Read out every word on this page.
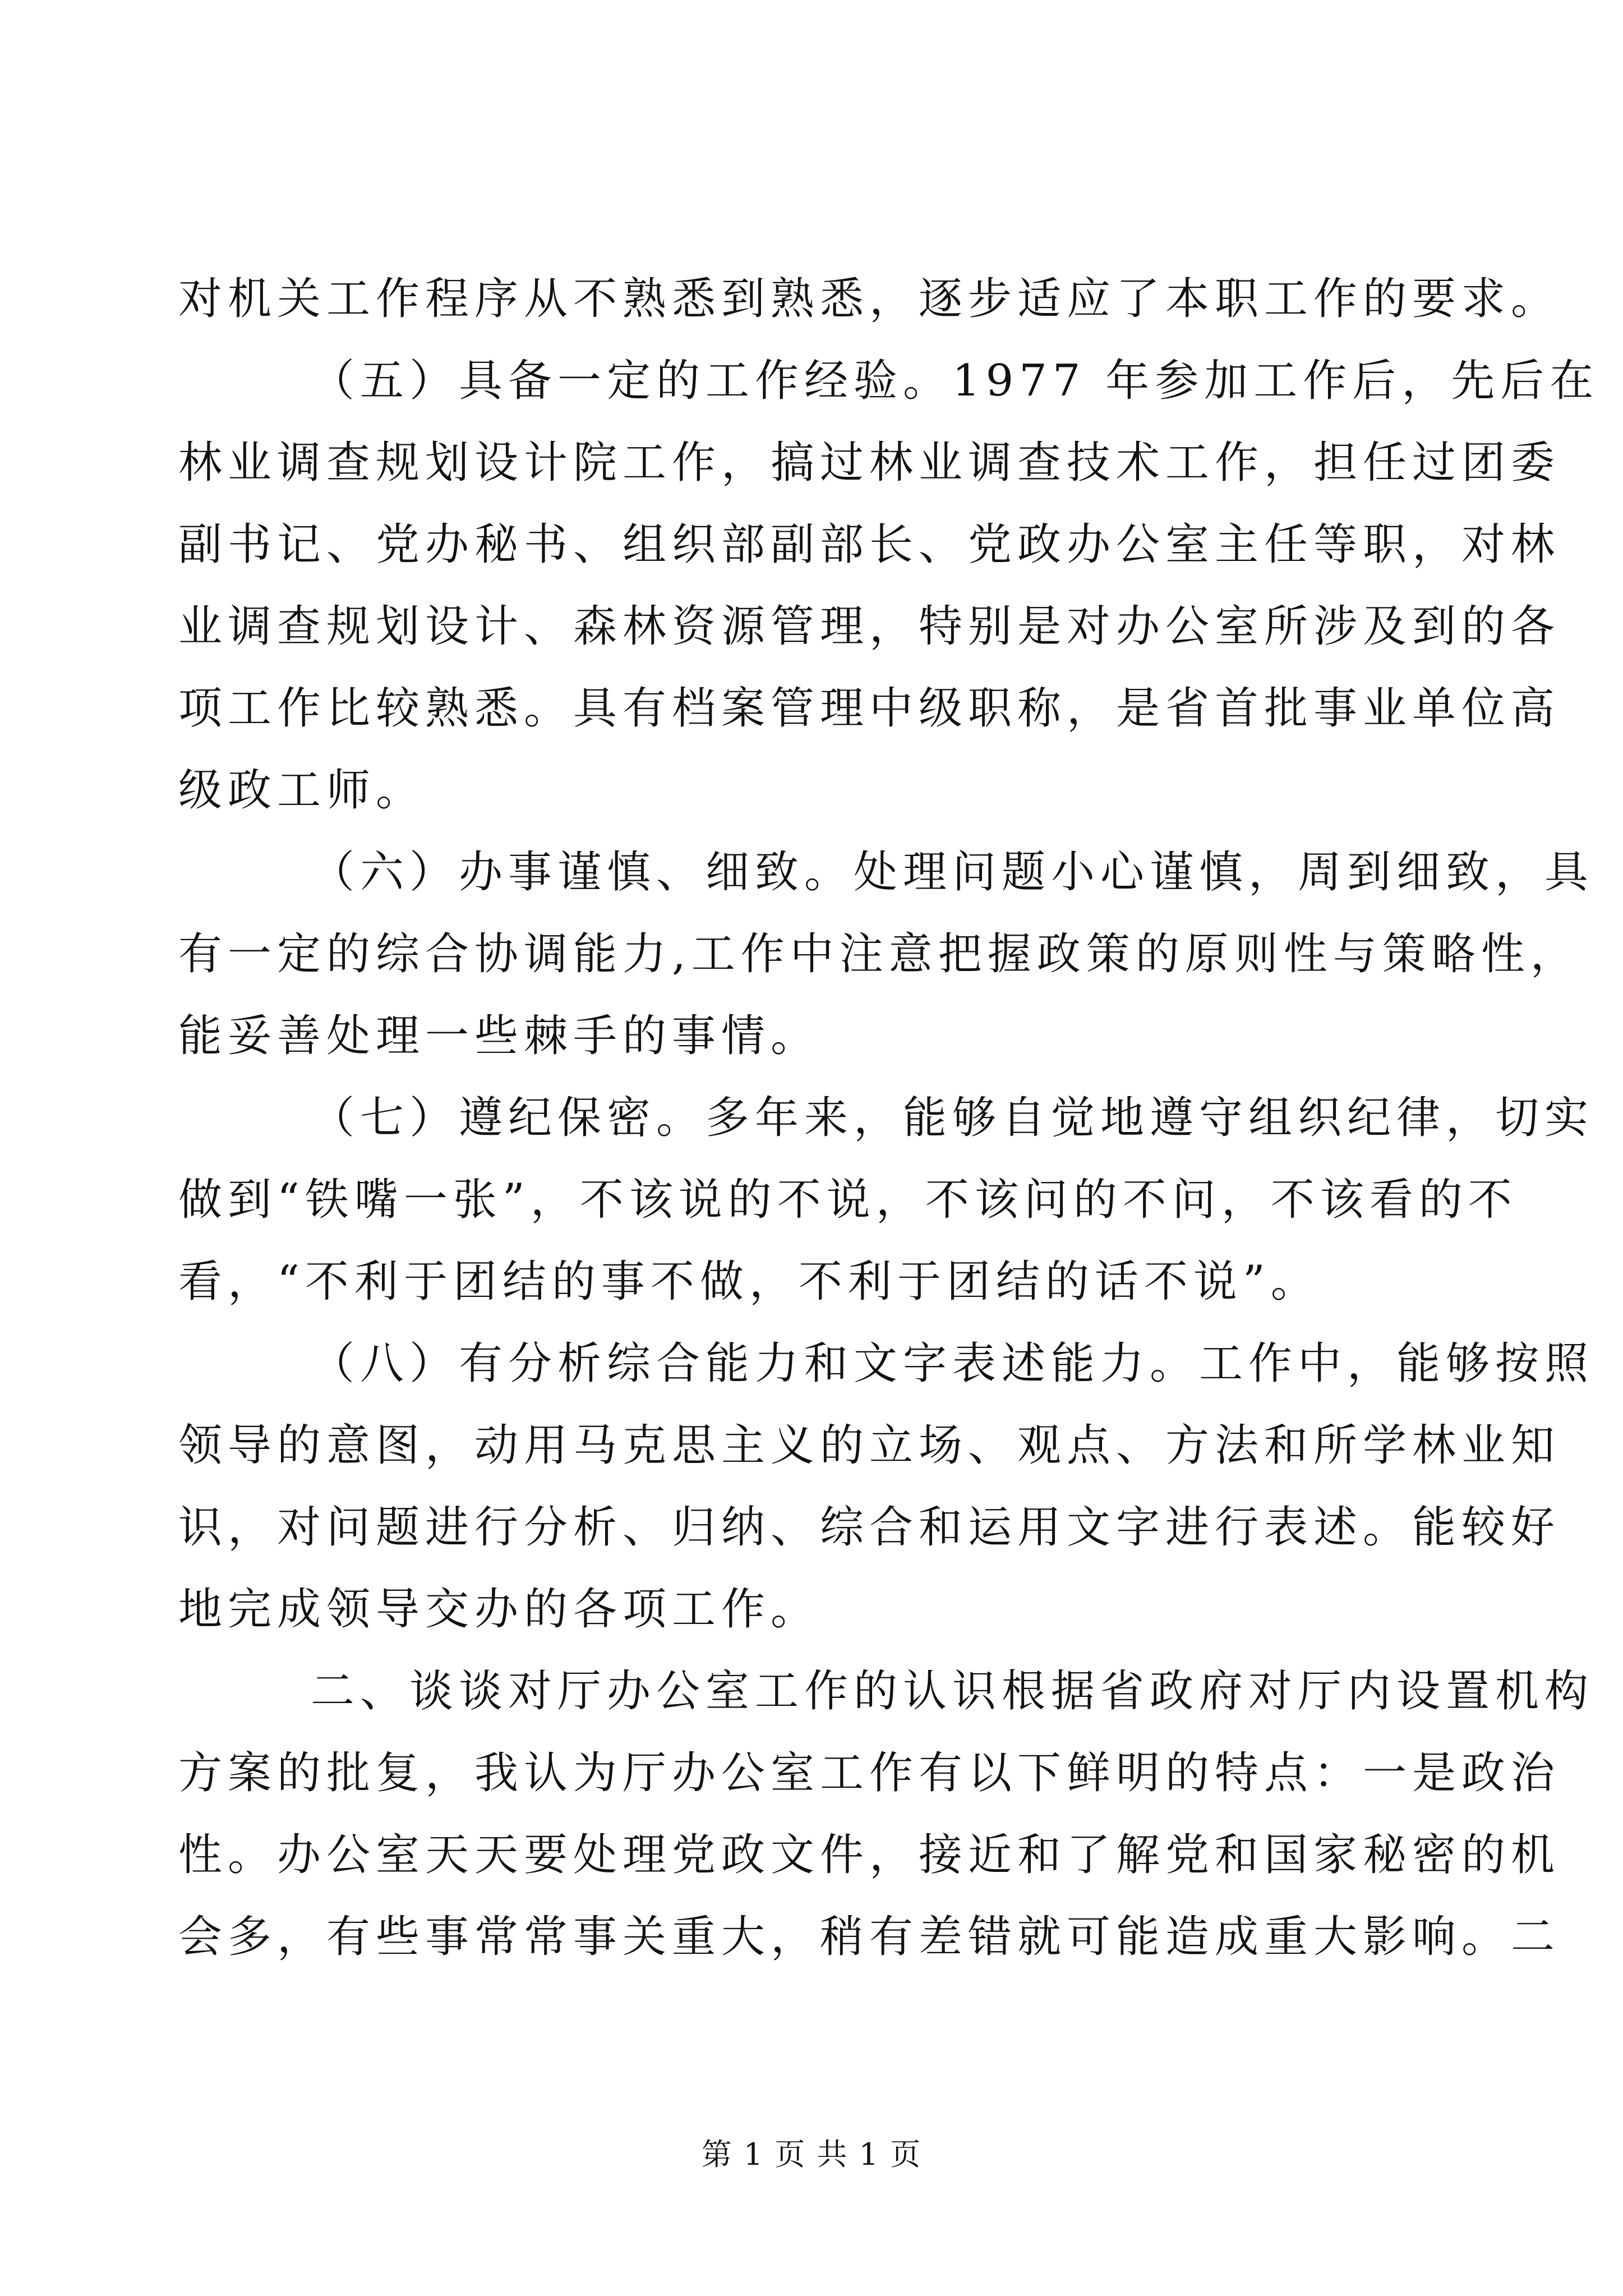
对机关工作程序从不熟悉到熟悉，逐步适应了本职工作的要求。
（五）具备一定的工作经验。1977 年参加工作后，先后在
林业调查规划设计院工作，搞过林业调查技术工作，担任过团委
副书记、党办秘书、组织部副部长、党政办公室主任等职，对林
业调查规划设计、森林资源管理，特别是对办公室所涉及到的各
项工作比较熟悉。具有档案管理中级职称，是省首批事业单位高
级政工师。
（六）办事谨慎、细致。处理问题小心谨慎，周到细致，具
有一定的综合协调能力,工作中注意把握政策的原则性与策略性，
能妥善处理一些棘手的事情。
（七）遵纪保密。多年来，能够自觉地遵守组织纪律，切实
做到“铁嘴一张”，不该说的不说，不该问的不问，不该看的不
看，“不利于团结的事不做，不利于团结的话不说”。
（八）有分析综合能力和文字表述能力。工作中，能够按照
领导的意图，动用马克思主义的立场、观点、方法和所学林业知
识，对问题进行分析、归纳、综合和运用文字进行表述。能较好
地完成领导交办的各项工作。
二、谈谈对厅办公室工作的认识根据省政府对厅内设置机构
方案的批复，我认为厅办公室工作有以下鲜明的特点：一是政治
性。办公室天天要处理党政文件，接近和了解党和国家秘密的机
会多，有些事常常事关重大，稍有差错就可能造成重大影响。二
第 1 页 共 1 页
